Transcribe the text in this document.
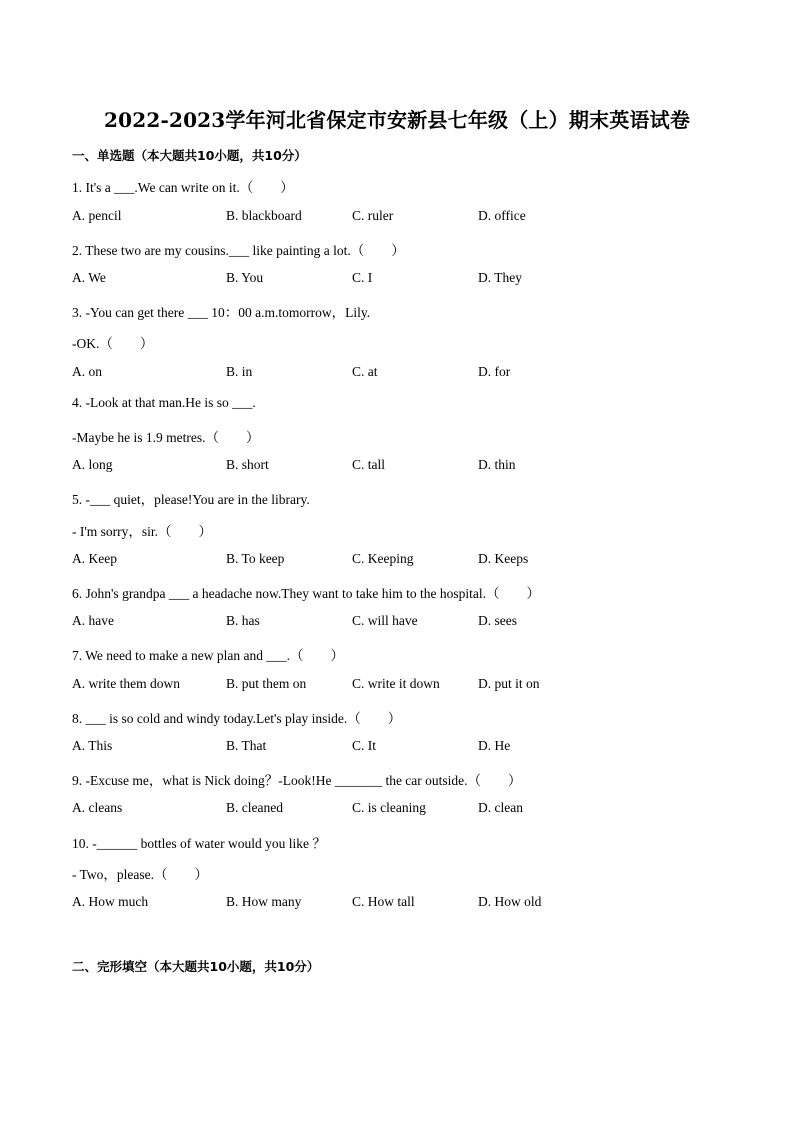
2022-2023学年河北省保定市安新县七年级（上）期末英语试卷
一、单选题（本大题共10小题，共10分）
1. It's a ___.We can write on it.（　　）
A. pencil	B. blackboard	C. ruler	D. office
2. These two are my cousins.___ like painting a lot.（　　）
A. We	B. You	C. I	D. They
3. -You can get there ___ 10：00 a.m.tomorrow，Lily.
-OK.（　　）
A. on	B. in	C. at	D. for
4. -Look at that man.He is so ___.
-Maybe he is 1.9 metres.（　　）
A. long	B. short	C. tall	D. thin
5. -___ quiet，please!You are in the library.
- I'm sorry，sir.（　　）
A. Keep	B. To keep	C. Keeping	D. Keeps
6. John's grandpa ___ a headache now.They want to take him to the hospital.（　　）
A. have	B. has	C. will have	D. sees
7. We need to make a new plan and ___.（　　）
A. write them down	B. put them on	C. write it down	D. put it on
8. ___ is so cold and windy today.Let's play inside.（　　）
A. This	B. That	C. It	D. He
9. -Excuse me，what is Nick doing？-Look!He _______ the car outside.（　　）
A. cleans	B. cleaned	C. is cleaning	D. clean
10. -______ bottles of water would you like ？
- Two，please.（　　）
A. How much	B. How many	C. How tall	D. How old
二、完形填空（本大题共10小题，共10分）
